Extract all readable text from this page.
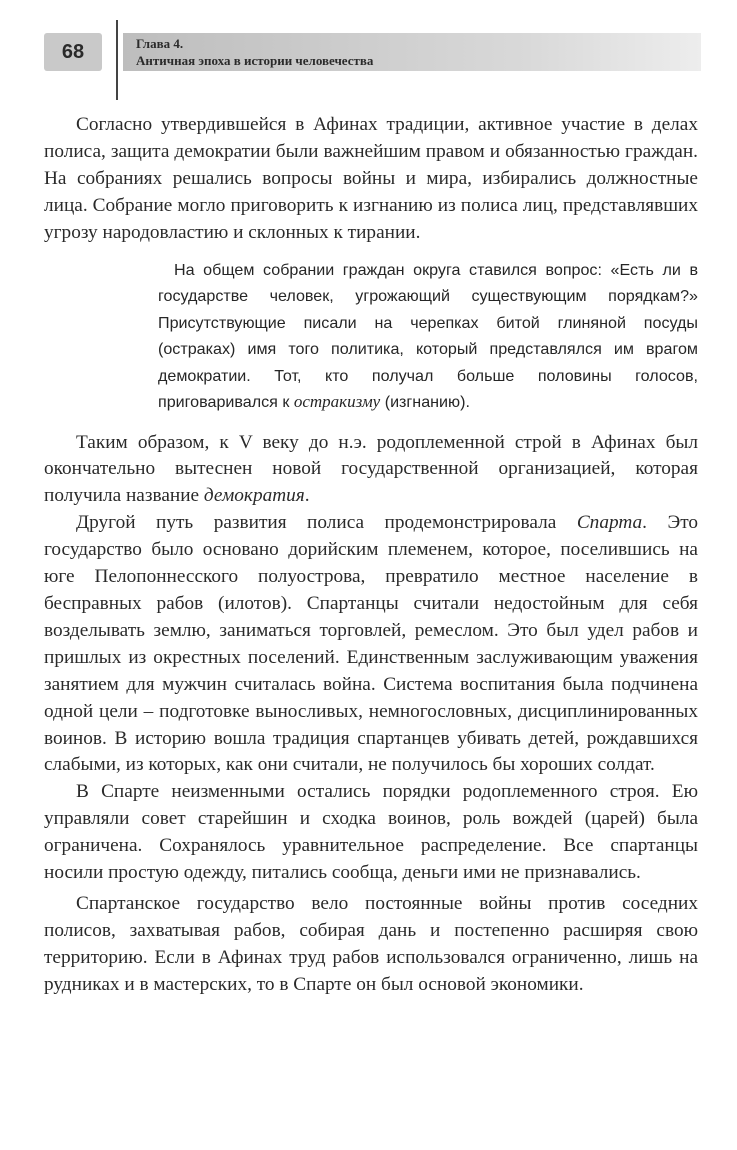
68	Глава 4.
Античная эпоха в истории человечества

Согласно утвердившейся в Афинах традиции, активное участие в делах полиса, защита демократии были важнейшим правом и обязанностью граждан. На собраниях решались вопросы войны и мира, избирались должностные лица. Собрание могло приговорить к изгнанию из полиса лиц, представлявших угрозу народовластию и склонных к тирании.

На общем собрании граждан округа ставился вопрос: «Есть ли в государстве человек, угрожающий существующим порядкам?» Присутствующие писали на черепках битой глиняной посуды (остраках) имя того политика, который представлялся им врагом демократии. Тот, кто получал больше половины голосов, приговаривался к остракизму (изгнанию).

Таким образом, к V веку до н.э. родоплеменной строй в Афинах был окончательно вытеснен новой государственной организацией, которая получила название демократия.

Другой путь развития полиса продемонстрировала Спарта. Это государство было основано дорийским племенем, которое, поселившись на юге Пелопоннесского полуострова, превратило местное население в бесправных рабов (илотов). Спартанцы считали недостойным для себя возделывать землю, заниматься торговлей, ремеслом. Это был удел рабов и пришлых из окрестных поселений. Единственным заслуживающим уважения занятием для мужчин считалась война. Система воспитания была подчинена одной цели – подготовке выносливых, немногословных, дисциплинированных воинов. В историю вошла традиция спартанцев убивать детей, рождавшихся слабыми, из которых, как они считали, не получилось бы хороших солдат.

В Спарте неизменными остались порядки родоплеменного строя. Ею управляли совет старейшин и сходка воинов, роль вождей (царей) была ограничена. Сохранялось уравнительное распределение. Все спартанцы носили простую одежду, питались сообща, деньги ими не признавались.

Спартанское государство вело постоянные войны против соседних полисов, захватывая рабов, собирая дань и постепенно расширяя свою территорию. Если в Афинах труд рабов использовался ограниченно, лишь на рудниках и в мастерских, то в Спарте он был основой экономики.
